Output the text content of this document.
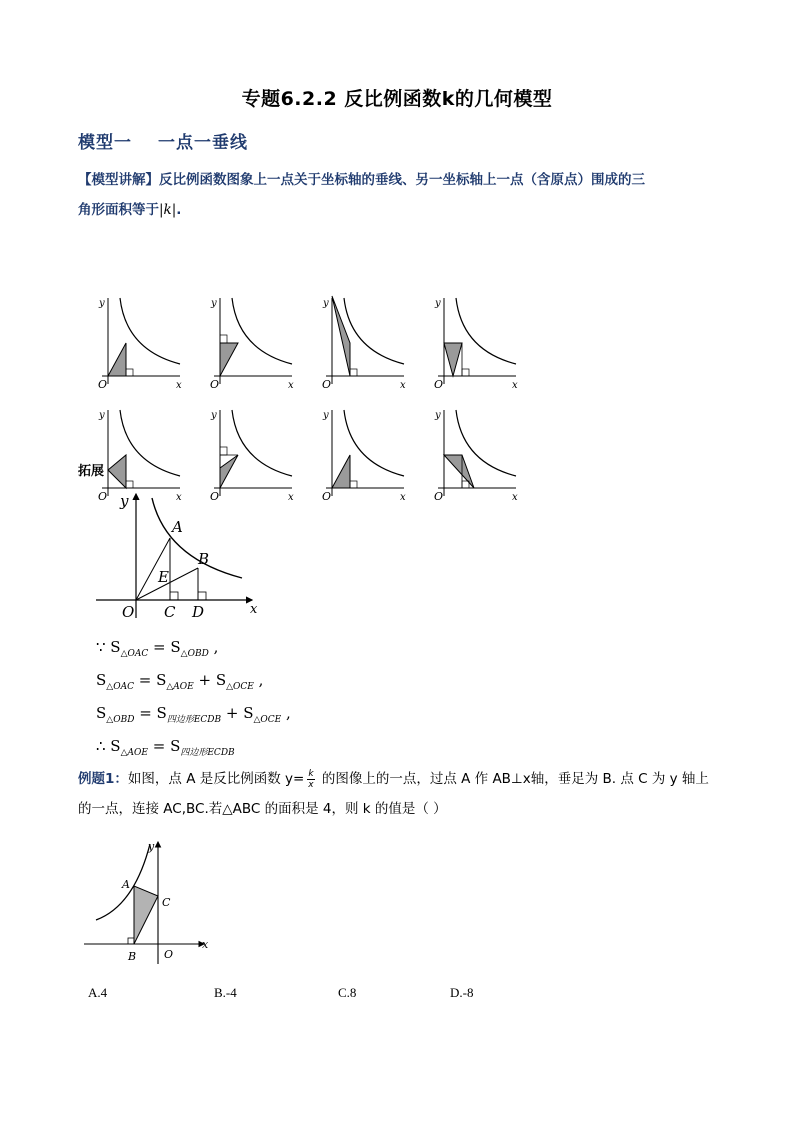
专题6.2.2 反比例函数k的几何模型
模型一 一点一垂线
【模型讲解】反比例函数图象上一点关于坐标轴的垂线、另一坐标轴上一点（含原点）围成的三
角形面积等于|k|.
y
x
O
y
x
O
y
x
O
y
x
O
y
x
O
y
x
O
y
x
O
y
x
O
拓展
y
x
O
A
B
C D
E
∵ $S_{\triangle OAC} = S_{\triangle OBD}$ ,
$S_{\triangle OAC} = S_{\triangle AOE} + S_{\triangle OCE}$ ,
$S_{\triangle OBD} = S_{四边形ECDB} + S_{\triangle OCE}$ ,
∴ $S_{\triangle AOE} = S_{四边形ECDB}$
例题1：如图，点 A 是反比例函数 $y= \frac{k}{x}$ 的图像上的一点，过点 A 作 AB⊥x轴，垂足为 B. 点 C 为 y 轴上
的一点，连接 AC,BC.若△ABC 的面积是 4，则 k 的值是（ ）
y
x
A
B
C
O
A.4	B.-4	C.8	D.-8
